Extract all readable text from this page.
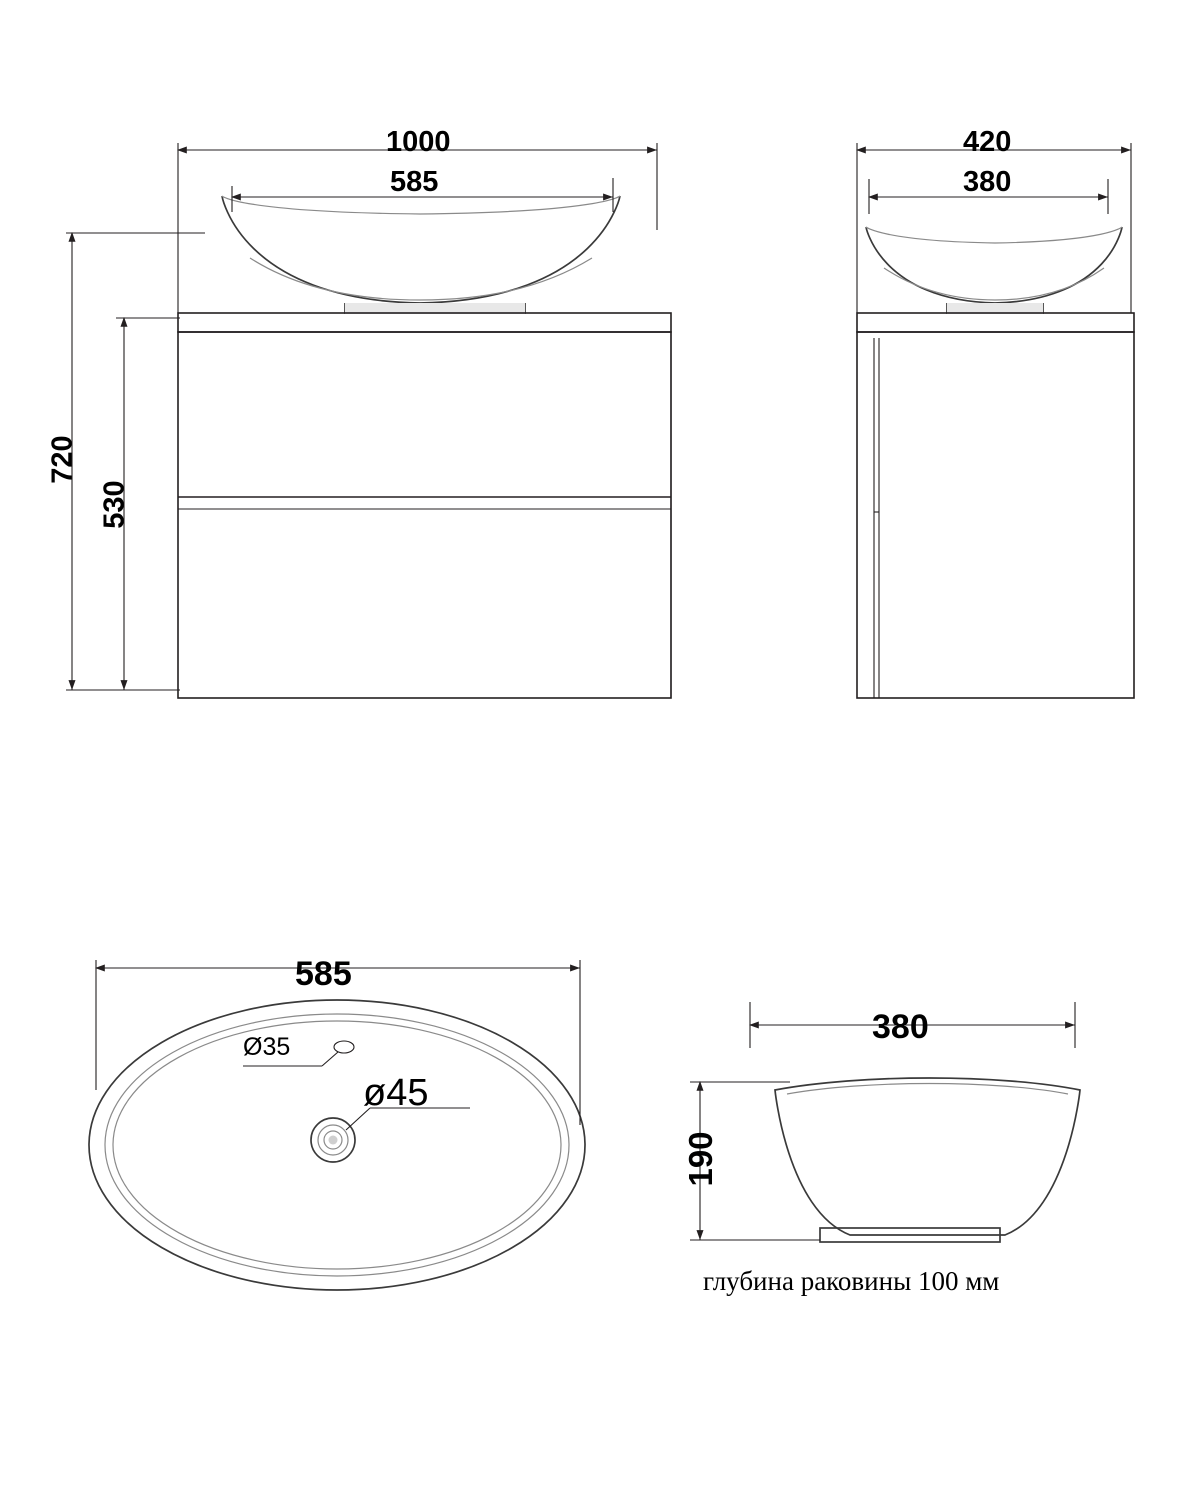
1000
585
720
530
420
380
585
Ø35
ø45
380
190
глубина раковины 100 мм
